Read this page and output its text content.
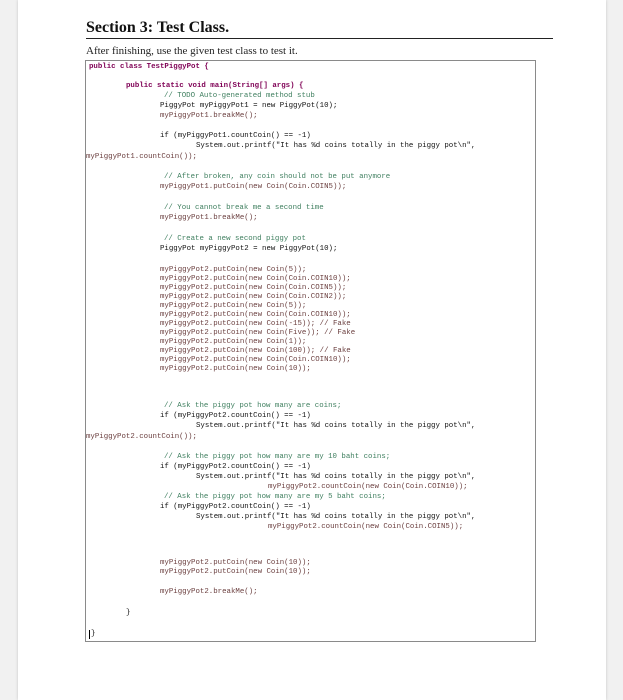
Section 3: Test Class.
After finishing, use the given test class to test it.
public class TestPiggyPot {
public static void main(String[] args) {
// TODO Auto-generated method stub
PiggyPot myPiggyPot1 = new PiggyPot(10);
myPiggyPot1.breakMe();
if (myPiggyPot1.countCoin() == -1)
System.out.printf("It has %d coins totally in the piggy pot\n",
myPiggyPot1.countCoin());
// After broken, any coin should not be put anymore
myPiggyPot1.putCoin(new Coin(Coin.COIN5));
// You cannot break me a second time
myPiggyPot1.breakMe();
// Create a new second piggy pot
PiggyPot myPiggyPot2 = new PiggyPot(10);
myPiggyPot2.putCoin(new Coin(5));
myPiggyPot2.putCoin(new Coin(Coin.COIN10));
myPiggyPot2.putCoin(new Coin(Coin.COIN5));
myPiggyPot2.putCoin(new Coin(Coin.COIN2));
myPiggyPot2.putCoin(new Coin(5));
myPiggyPot2.putCoin(new Coin(Coin.COIN10));
myPiggyPot2.putCoin(new Coin(-15)); // Fake
myPiggyPot2.putCoin(new Coin(Five)); // Fake
myPiggyPot2.putCoin(new Coin(1));
myPiggyPot2.putCoin(new Coin(100)); // Fake
myPiggyPot2.putCoin(new Coin(Coin.COIN10));
myPiggyPot2.putCoin(new Coin(10));
// Ask the piggy pot how many are coins;
if (myPiggyPot2.countCoin() == -1)
System.out.printf("It has %d coins totally in the piggy pot\n",
myPiggyPot2.countCoin());
// Ask the piggy pot how many are my 10 baht coins;
if (myPiggyPot2.countCoin() == -1)
System.out.printf("It has %d coins totally in the piggy pot\n",
myPiggyPot2.countCoin(new Coin(Coin.COIN10));
// Ask the piggy pot how many are my 5 baht coins;
if (myPiggyPot2.countCoin() == -1)
System.out.printf("It has %d coins totally in the piggy pot\n",
myPiggyPot2.countCoin(new Coin(Coin.COIN5));
myPiggyPot2.putCoin(new Coin(10));
myPiggyPot2.putCoin(new Coin(10));
myPiggyPot2.breakMe();
}
}
